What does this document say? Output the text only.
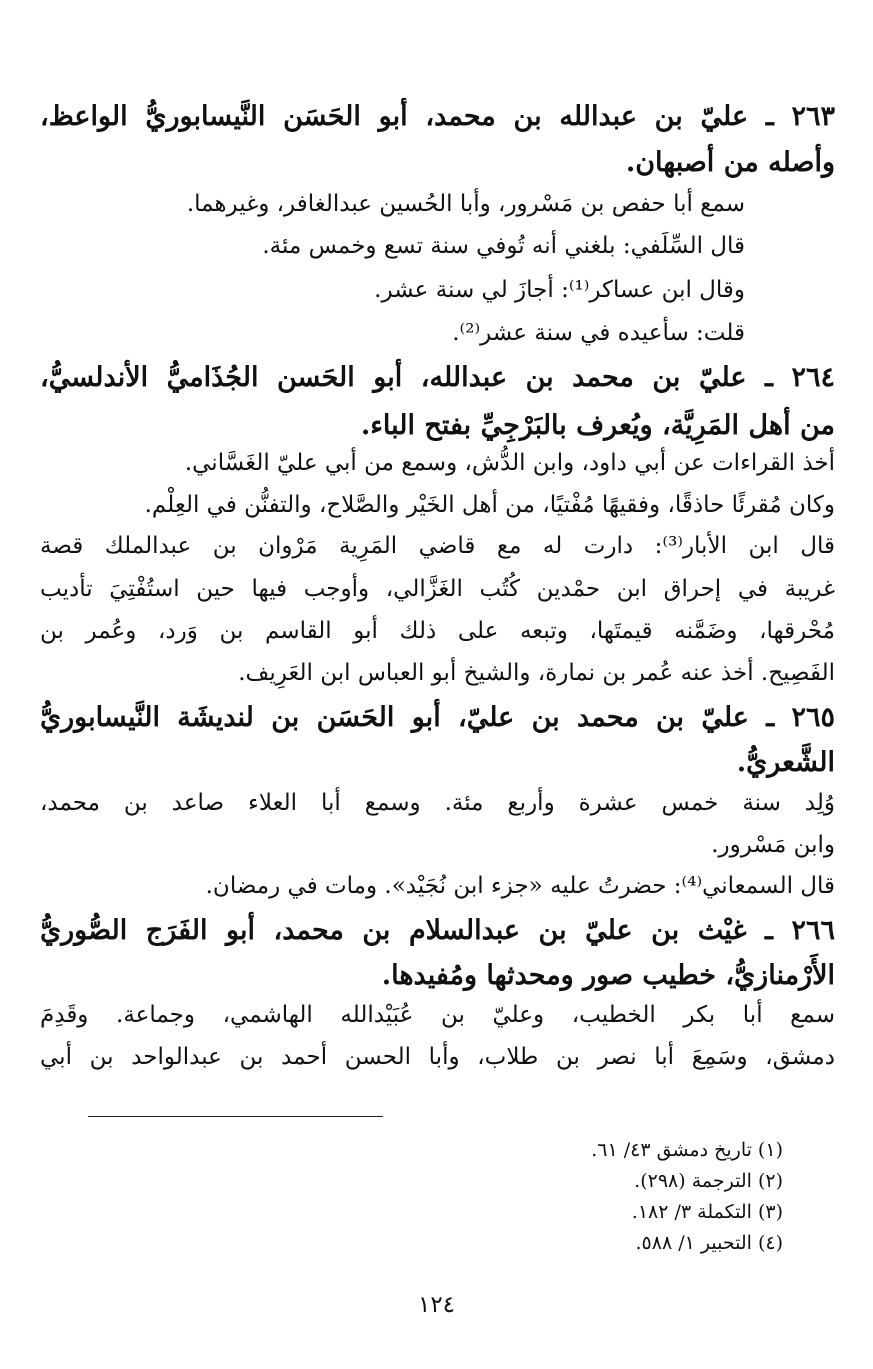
٢٦٣ ـ عليّ بن عبدالله بن محمد، أبو الحَسَن النَّيسابوريُّ الواعظ،
وأصله من أصبهان.
سمع أبا حفص بن مَسْرور، وأبا الحُسين عبدالغافر، وغيرهما.
قال السِّلَفي: بلغني أنه تُوفي سنة تسع وخمس مئة.
وقال ابن عساكر⁽¹⁾: أجازَ لي سنة عشر.
قلت: سأعيده في سنة عشر⁽²⁾.
٢٦٤ ـ عليّ بن محمد بن عبدالله، أبو الحَسن الجُذَاميُّ الأندلسيُّ،
من أهل المَرِيَّة، ويُعرف بالبَرْجِيِّ بفتح الباء.
أخذ القراءات عن أبي داود، وابن الدُّش، وسمع من أبي عليّ الغَسَّاني.
وكان مُقرئًا حاذقًا، وفقيهًا مُفْتيًا، من أهل الخَيْر والصَّلاح، والتفنُّن في العِلْم.
قال ابن الأبار⁽³⁾: دارت له مع قاضي المَرِية مَرْوان بن عبدالملك قصة
غريبة في إحراق ابن حمْدين كُتُب الغَزَّالي، وأوجب فيها حين استُفْتِيَ تأديب
مُحْرقها، وضَمَّنه قيمتَها، وتبعه على ذلك أبو القاسم بن وَرد، وعُمر بن
الفَصِيح. أخذ عنه عُمر بن نمارة، والشيخ أبو العباس ابن العَرِيف.
٢٦٥ ـ عليّ بن محمد بن عليّ، أبو الحَسَن بن لنديشَة النَّيسابوريُّ
الشَّعريُّ.
وُلِد سنة خمس عشرة وأربع مئة. وسمع أبا العلاء صاعد بن محمد،
وابن مَسْرور.
قال السمعاني⁽⁴⁾: حضرتُ عليه «جزء ابن نُجَيْد». ومات في رمضان.
٢٦٦ ـ غيْث بن عليّ بن عبدالسلام بن محمد، أبو الفَرَج الصُّوريُّ
الأَرْمنازيُّ، خطيب صور ومحدثها ومُفيدها.
سمع أبا بكر الخطيب، وعليّ بن عُبَيْدالله الهاشمي، وجماعة. وقَدِمَ
دمشق، وسَمِعَ أبا نصر بن طلاب، وأبا الحسن أحمد بن عبدالواحد بن أبي
(١) تاريخ دمشق ٤٣/ ٦١.
(٢) الترجمة (٢٩٨).
(٣) التكملة ٣/ ١٨٢.
(٤) التحبير ١/ ٥٨٨.
١٢٤
